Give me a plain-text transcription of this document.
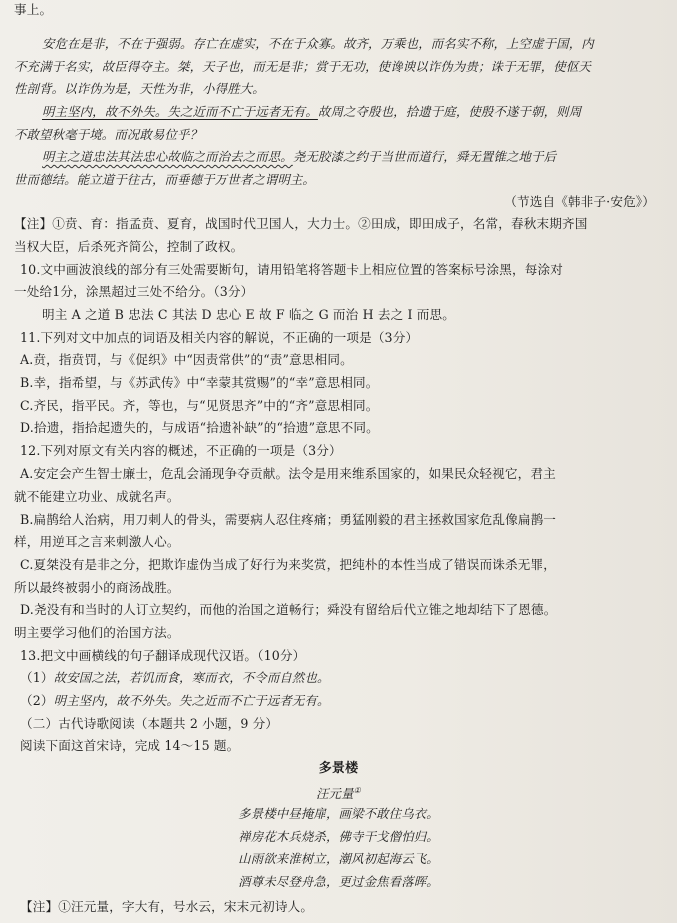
事上。
安危在是非，不在于强弱。存亡在虚实，不在于众寡。故齐，万乘也，而名实不称，上空虚于国，内
不充满于名实，故臣得夺主。桀，天子也，而无是非；赏于无功，使谗谀以诈伪为贵；诛于无罪，使伛天
性剖背。以诈伪为是，天性为非，小得胜大。
明主坚内，故不外失。失之近而不亡于远者无有。故周之夺殷也，拾遗于庭，使殷不遂于朝，则周
不敢望秋毫于境。而况敢易位乎？
明主之道忠法其法忠心故临之而治去之而思。尧无胶漆之约于当世而道行，舜无置锥之地于后
世而德结。能立道于往古，而垂德于万世者之谓明主。
（节选自《韩非子·安危》）
【注】①贲、育：指孟贲、夏育，战国时代卫国人，大力士。②田成，即田成子，名常，春秋末期齐国
当权大臣，后杀死齐简公，控制了政权。
10.文中画波浪线的部分有三处需要断句，请用铅笔将答题卡上相应位置的答案标号涂黑，每涂对
一处给1分，涂黑超过三处不给分。（3分）
明主 A 之道 B 忠法 C 其法 D 忠心 E 故 F 临之 G 而治 H 去之 I 而思。
11.下列对文中加点的词语及相关内容的解说，不正确的一项是（3分）
A.贲，指贲罚，与《促织》中“因责常供”的“责”意思相同。
B.幸，指希望，与《苏武传》中“幸蒙其赏赐”的“幸”意思相同。
C.齐民，指平民。齐，等也，与“见贤思齐”中的“齐”意思相同。
D.拾遗，指拾起遗失的，与成语“拾遗补缺”的“拾遗”意思不同。
12.下列对原文有关内容的概述，不正确的一项是（3分）
A.安定会产生智士廉士，危乱会涌现争夺贡献。法令是用来维系国家的，如果民众轻视它，君主
就不能建立功业、成就名声。
B.扁鹊给人治病，用刀刺人的骨头，需要病人忍住疼痛；勇猛刚毅的君主拯救国家危乱像扁鹊一
样，用逆耳之言来刺激人心。
C.夏桀没有是非之分，把欺诈虚伪当成了好行为来奖赏，把纯朴的本性当成了错误而诛杀无罪，
所以最终被弱小的商汤战胜。
D.尧没有和当时的人订立契约，而他的治国之道畅行；舜没有留给后代立锥之地却结下了恩德。
明主要学习他们的治国方法。
13.把文中画横线的句子翻译成现代汉语。（10分）
（1）故安国之法，若饥而食，寒而衣，不令而自然也。
（2）明主坚内，故不外失。失之近而不亡于远者无有。
（二）古代诗歌阅读（本题共 2 小题，9 分）
阅读下面这首宋诗，完成 14～15 题。
多景楼
汪元量①
多景楼中昼掩扉，画梁不敢住乌衣。
禅房花木兵烧杀，佛寺干戈僧怕归。
山雨欲来淮树立，潮风初起海云飞。
酒尊未尽登舟急，更过金焦看落晖。
【注】①汪元量，字大有，号水云，宋末元初诗人。
